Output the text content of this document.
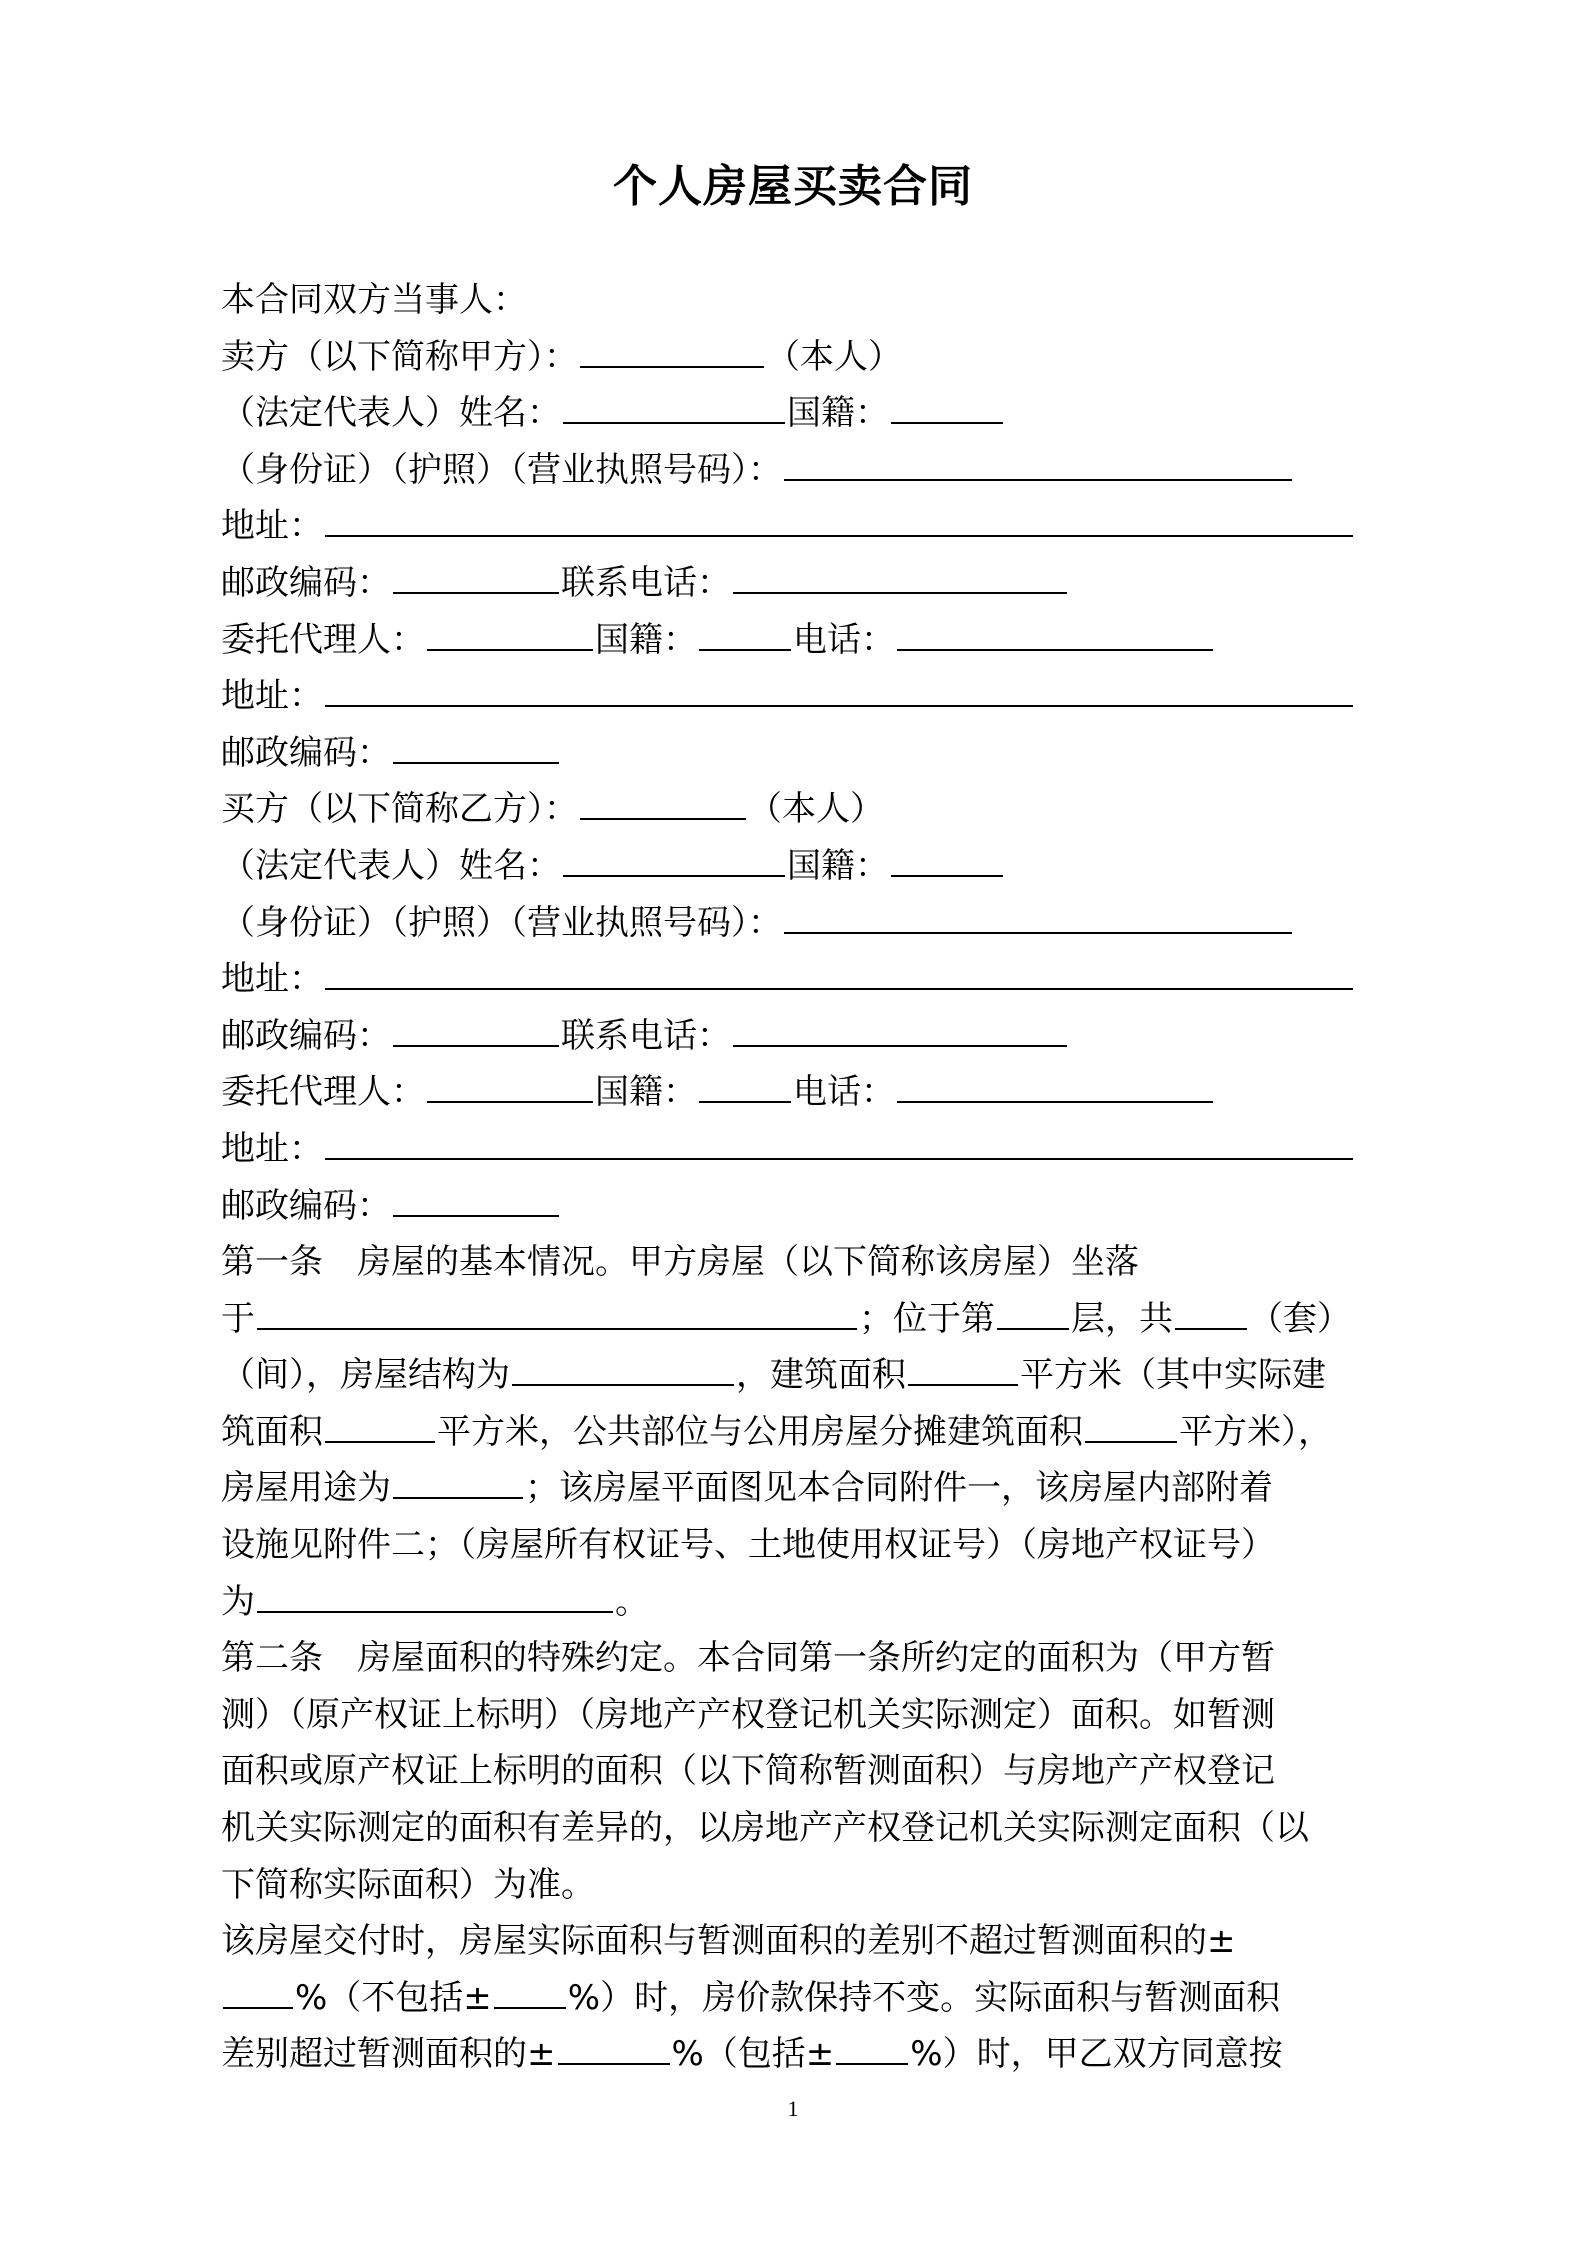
个人房屋买卖合同
本合同双方当事人：
卖方（以下简称甲方）：	（本人）
（法定代表人）姓名：	国籍：
（身份证）（护照）（营业执照号码）：
地址：
邮政编码：	联系电话：
委托代理人：	国籍：	电话：
地址：
邮政编码：
买方（以下简称乙方）：	（本人）
（法定代表人）姓名：	国籍：
（身份证）（护照）（营业执照号码）：
地址：
邮政编码：	联系电话：
委托代理人：	国籍：	电话：
地址：
邮政编码：
第一条　房屋的基本情况。甲方房屋（以下简称该房屋）坐落
于	；位于第 层，共 （套）
（间），房屋结构为	，建筑面积	平方米（其中实际建
筑面积	平方米，公共部位与公用房屋分摊建筑面积	平方米），
房屋用途为	；该房屋平面图见本合同附件一，该房屋内部附着
设施见附件二；（房屋所有权证号、土地使用权证号）（房地产权证号）
为	。
第二条　房屋面积的特殊约定。本合同第一条所约定的面积为（甲方暂
测）（原产权证上标明）（房地产产权登记机关实际测定）面积。如暂测
面积或原产权证上标明的面积（以下简称暂测面积）与房地产产权登记
机关实际测定的面积有差异的，以房地产产权登记机关实际测定面积（以
下简称实际面积）为准。
该房屋交付时，房屋实际面积与暂测面积的差别不超过暂测面积的±
%（不包括± %）时，房价款保持不变。实际面积与暂测面积
差别超过暂测面积的±	%（包括± %）时，甲乙双方同意按
1
